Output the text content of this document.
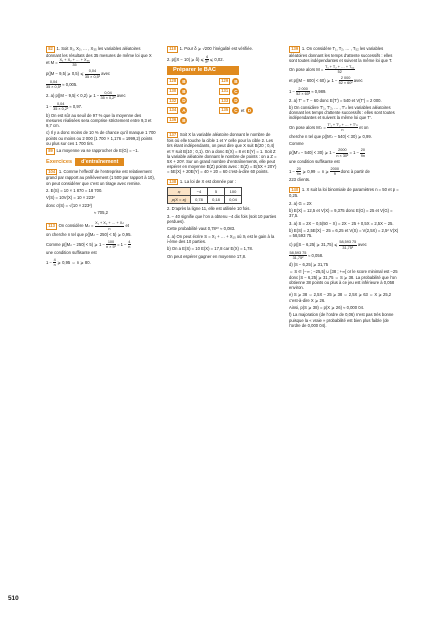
82 1. Soit X₁, X₂, … , X₃₅ les variables aléatoires donnant les résultats des 35 mesures de même loi que X et $M = \frac{\text{X₁ + X₂ + … + X₃₅}}{35}$
p(|M − 9,5| ⩾ 0,5) ⩽ $\frac{0,04}{\text{35 × 0,5²}}$ avec
$\frac{0,04}{\text{35 × 0,5²}} \approx 0,005$.
2. a) p(|M − 9,5| < 0,2) ⩾ $1 - \frac{0,04}{\text{35 × 0,2²}}$ avec
$1 - \frac{0,04}{\text{35 × 0,2²}} \approx 0,97$.
b) On est sûr au seuil de 97 % que la moyenne des mesures réalisées sera comprise strictement entre 9,3 et 9,7 cm.
c) Il y a donc moins de 10 % de chance qu’il manque 1 700 points ou moins ou 2 000 (1 700 × 1,176 = 1999,2) points ou plus sur ces 1 700 tirs.
89 La moyenne va se rapprocher de E(G) = −1.
Exercices d’entraînement
104 1. Comme l’effectif de l’entreprise est relativement grand par rapport au prélèvement (1 500 par rapport à 10), on peut considérer que c’est un tirage avec remise.
2. E(S) = 10 × 1 870 = 18 700.
V(S) = 10V(X) = 10 × 223²
donc σ(S) = √(10 × 223²)
≈ 705,2
113 On considère $M_n = \frac{\text{X₁ + X₂ + … + Xₙ}}{n}$ et
on cherche n tel que p(|Mₙ − 250| < 5) ⩾ 0,95.
Comme p(|Mₙ − 250| < 5) ⩾ $1 - \frac{100}{\text{n × 5²}} = 1 - \frac{4}{n}$
une condition suffisante est
$1 - \frac{4}{n}$ ⩾ 0,95 ⇔ n ⩾ 80.
118 1. Pour δ ⩾ √200 l’inégalité est vérifiée.
2. p(|X − 10| ⩾ δ) ⩽ $\frac{4}{\text{δ²}}$ ⩽ 0,02.
Préparer le BAC
128	B	129	B
130	B	131	C
132	D	133	D
134	A	135	C et D
136	B
137 Soit X la variable aléatoire donnant le nombre de fois où elle touche la cible 1 et Y celle pour la cible 2. Les tirs étant indépendants, on peut dire que X suit B(20 ; 0,4) et Y suit B(10 ; 0,1). On a donc E(X) = 8 et E(Y) = 1. Soit Z la variable aléatoire donnant le nombre de points : on a Z = 5X + 20Y. Sur un grand nombre d’entraînements, elle peut espérer en moyenne E(Z) points avec : E(Z) = E(5X + 20Y) = 5E(X) + 20E(Y) = 40 + 20 = 60 c’est-à-dire 60 points.
138 1. La loi de X est donnée par :
xᵢ	−4	5	100
p(X = xᵢ)	0,78	0,18	0,04
2. D’après la ligne 11, elle est utilisée 10 fois.
3. − 40 signifie que l’on a obtenu −4 dix fois (soit 10 parties perdues).
Cette probabilité vaut 0,78¹⁰ ≈ 0,083.
4. a) On peut écrire S = X₁ + … + X₁₀ où Xᵢ est le gain à la i-ème des 10 parties.
b) On a E(S) = 10 E(X) = 17,8 car E(X) = 1,78.
On peut espérer gagner en moyenne 17,8.
139 1. On considère T₁, T₂, … , T₅₂ les variables aléatoires donnant les temps d’attente successifs : elles sont toutes indépendantes et suivent la même loi que T.
On pose alors $M = \frac{\text{T₁ + T₂ + … + T₅₂}}{52}$
et p(|M − 600| < 60) ⩾ $1 - \frac{2 000}{\text{52 × 60²}}$ avec
$1 - \frac{2 000}{\text{52 × 60²}} \approx 0,989$.
2. a) T′ = T − 60 donc E(T′) = 540 et V(T′) = 2 000.
b) On considère T′₁, T′₂, … , T′ₙ les variables aléatoires donnant les temps d’attente successifs : elles sont toutes indépendantes et suivent la même loi que T′.
On pose alors $M'_n = \frac{\text{T′₁ + T′₂ + … + T′ₙ}}{n}$ et on
cherche n tel que p(|M′ₙ − 540| < 30) ⩾ 0,99.
Comme
p(|M′ₙ − 540| < 30) ⩾ $1 - \frac{2000}{\text{n × 30²}} = 1 - \frac{20}{9n}$
une condition suffisante est
$1 - \frac{20}{9n}$ ⩾ 0,99 ⇔ n ⩾ $\frac{2000}{9}$ donc à partir de
223 clients.
140 1. X suit la loi binomiale de paramètres n = 50 et p = 0,25.
2. a) G = 2X
b) E(X) = 12,5 et V(X) = 9,375 donc E(G) = 25 et V(G) = 37,5.
3. a) S = 2X − 0,5(50 − X) = 2X − 25 + 0,5X = 2,5X − 25.
b) E(S) = 2,5E(X) − 25 = 6,25 et V(S) = V(2,5X) = 2,5² V(X) = 58,593 75.
c) p(|S − 6,25| ⩾ 31,75) ⩽ $\frac{58,593 75}{\text{31,75²}}$ avec
$\frac{58,593 75}{\text{31,75²}} \approx 0,058$.
d) |S − 6,25| ⩾ 31,75
⇔ S ∈ ]−∞ ; −25,5] ∪ [38 ; +∞[ or le score minimal est −25 donc |S − 6,25| ⩾ 31,75 ⇔ S ⩾ 38. La probabilité que l’on obtienne 38 points ou plus à ce jeu est inférieure à 0,058 environ.
e) S ⩾ 38 ⇔ 2,5X − 25 ⩾ 38 ⇔ 2,5X ⩾ 63 ⇔ X ⩾ 25,2 c’est-à-dire X ⩾ 26.
Ainsi, p(S ⩾ 38) = p(X ⩾ 26) ≈ 0,000 04.
f) La majoration (de l’ordre de 0,06) n’est pas très bonne puisque la « vraie » probabilité est bien plus faible (de l’ordre de 0,000 04).
510
